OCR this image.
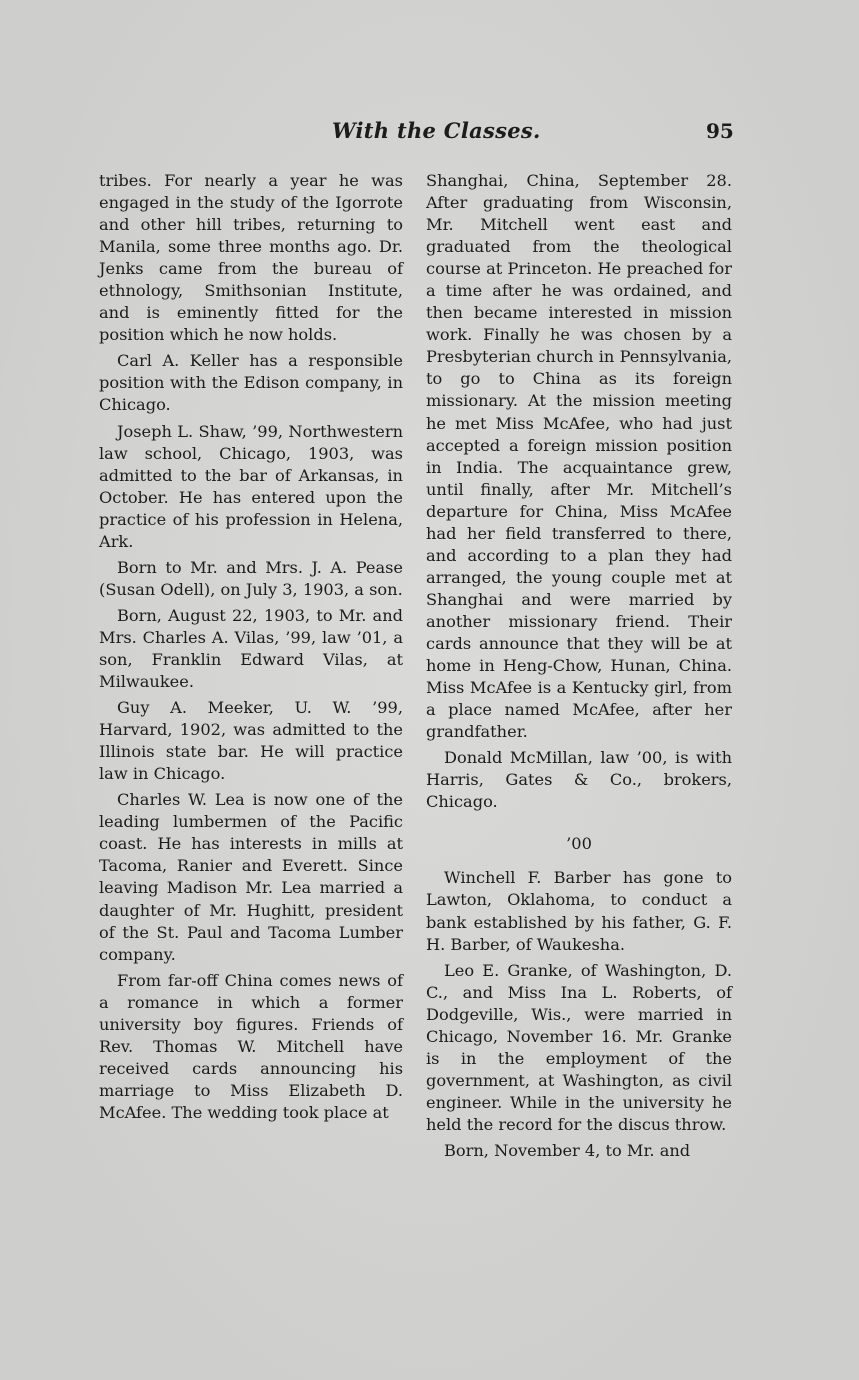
With the Classes.	95

tribes. For nearly a year he was engaged in the study of the Igorrote and other hill tribes, returning to Manila, some three months ago. Dr. Jenks came from the bureau of ethnology, Smithsonian Institute, and is eminently fitted for the position which he now holds.

Carl A. Keller has a responsible position with the Edison company, in Chicago.

Joseph L. Shaw, ’99, Northwestern law school, Chicago, 1903, was admitted to the bar of Arkansas, in October. He has entered upon the practice of his profession in Helena, Ark.

Born to Mr. and Mrs. J. A. Pease (Susan Odell), on July 3, 1903, a son.

Born, August 22, 1903, to Mr. and Mrs. Charles A. Vilas, ’99, law ’01, a son, Franklin Edward Vilas, at Milwaukee.

Guy A. Meeker, U. W. ’99, Harvard, 1902, was admitted to the Illinois state bar. He will practice law in Chicago.

Charles W. Lea is now one of the leading lumbermen of the Pacific coast. He has interests in mills at Tacoma, Ranier and Everett. Since leaving Madison Mr. Lea married a daughter of Mr. Hughitt, president of the St. Paul and Tacoma Lumber company.

From far-off China comes news of a romance in which a former university boy figures. Friends of Rev. Thomas W. Mitchell have received cards announcing his marriage to Miss Elizabeth D. McAfee. The wedding took place at

Shanghai, China, September 28. After graduating from Wisconsin, Mr. Mitchell went east and graduated from the theological course at Princeton. He preached for a time after he was ordained, and then became interested in mission work. Finally he was chosen by a Presbyterian church in Pennsylvania, to go to China as its foreign missionary. At the mission meeting he met Miss McAfee, who had just accepted a foreign mission position in India. The acquaintance grew, until finally, after Mr. Mitchell’s departure for China, Miss McAfee had her field transferred to there, and according to a plan they had arranged, the young couple met at Shanghai and were married by another missionary friend. Their cards announce that they will be at home in Heng-Chow, Hunan, China. Miss McAfee is a Kentucky girl, from a place named McAfee, after her grandfather.

Donald McMillan, law ’00, is with Harris, Gates & Co., brokers, Chicago.

’00

Winchell F. Barber has gone to Lawton, Oklahoma, to conduct a bank established by his father, G. F. H. Barber, of Waukesha.

Leo E. Granke, of Washington, D. C., and Miss Ina L. Roberts, of Dodgeville, Wis., were married in Chicago, November 16. Mr. Granke is in the employment of the government, at Washington, as civil engineer. While in the university he held the record for the discus throw.

Born, November 4, to Mr. and
